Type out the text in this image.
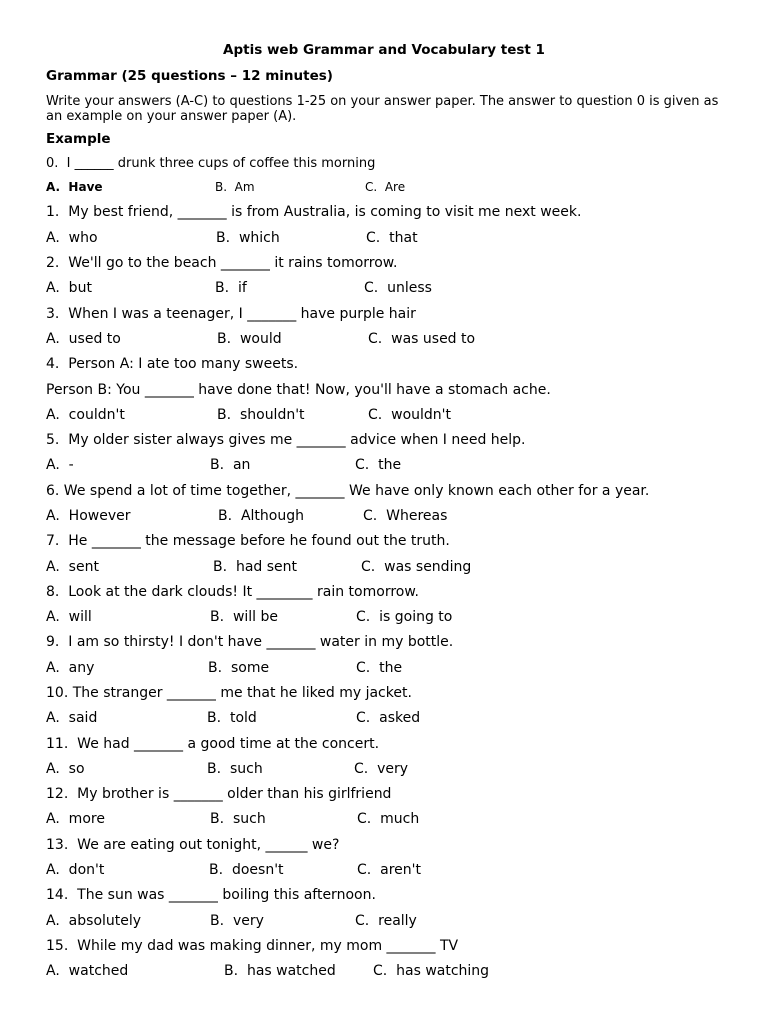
Aptis web Grammar and Vocabulary test 1
Grammar (25 questions – 12 minutes)
Write your answers (A-C) to questions 1-25 on your answer paper. The answer to question 0 is given as an example on your answer paper (A).
Example
0.  I ______ drunk three cups of coffee this morning
A.  Have	B.  Am	C.  Are
1.  My best friend, _______ is from Australia, is coming to visit me next week.
A.  who	B.  which	C.  that
2.  We'll go to the beach _______ it rains tomorrow.
A.  but	B.  if	C.  unless
3.  When I was a teenager, I _______ have purple hair
A.  used to	B.  would	C.  was used to
4.  Person A: I ate too many sweets.
Person B: You _______ have done that! Now, you'll have a stomach ache.
A.  couldn't	B.  shouldn't	C.  wouldn't
5.  My older sister always gives me _______ advice when I need help.
A.  -	B.  an	C.  the
6. We spend a lot of time together, _______ We have only known each other for a year.
A.  However	B.  Although	C.  Whereas
7.  He _______ the message before he found out the truth.
A.  sent	B.  had sent	C.  was sending
8.  Look at the dark clouds! It ________ rain tomorrow.
A.  will	B.  will be	C.  is going to
9.  I am so thirsty! I don't have _______ water in my bottle.
A.  any	B.  some	C.  the
10. The stranger _______ me that he liked my jacket.
A.  said	B.  told	C.  asked
11.  We had _______ a good time at the concert.
A.  so	B.  such	C.  very
12.  My brother is _______ older than his girlfriend
A.  more	B.  such	C.  much
13.  We are eating out tonight, ______ we?
A.  don't	B.  doesn't	C.  aren't
14.  The sun was _______ boiling this afternoon.
A.  absolutely	B.  very	C.  really
15.  While my dad was making dinner, my mom _______ TV
A.  watched	B.  has watched	C.  has watching
